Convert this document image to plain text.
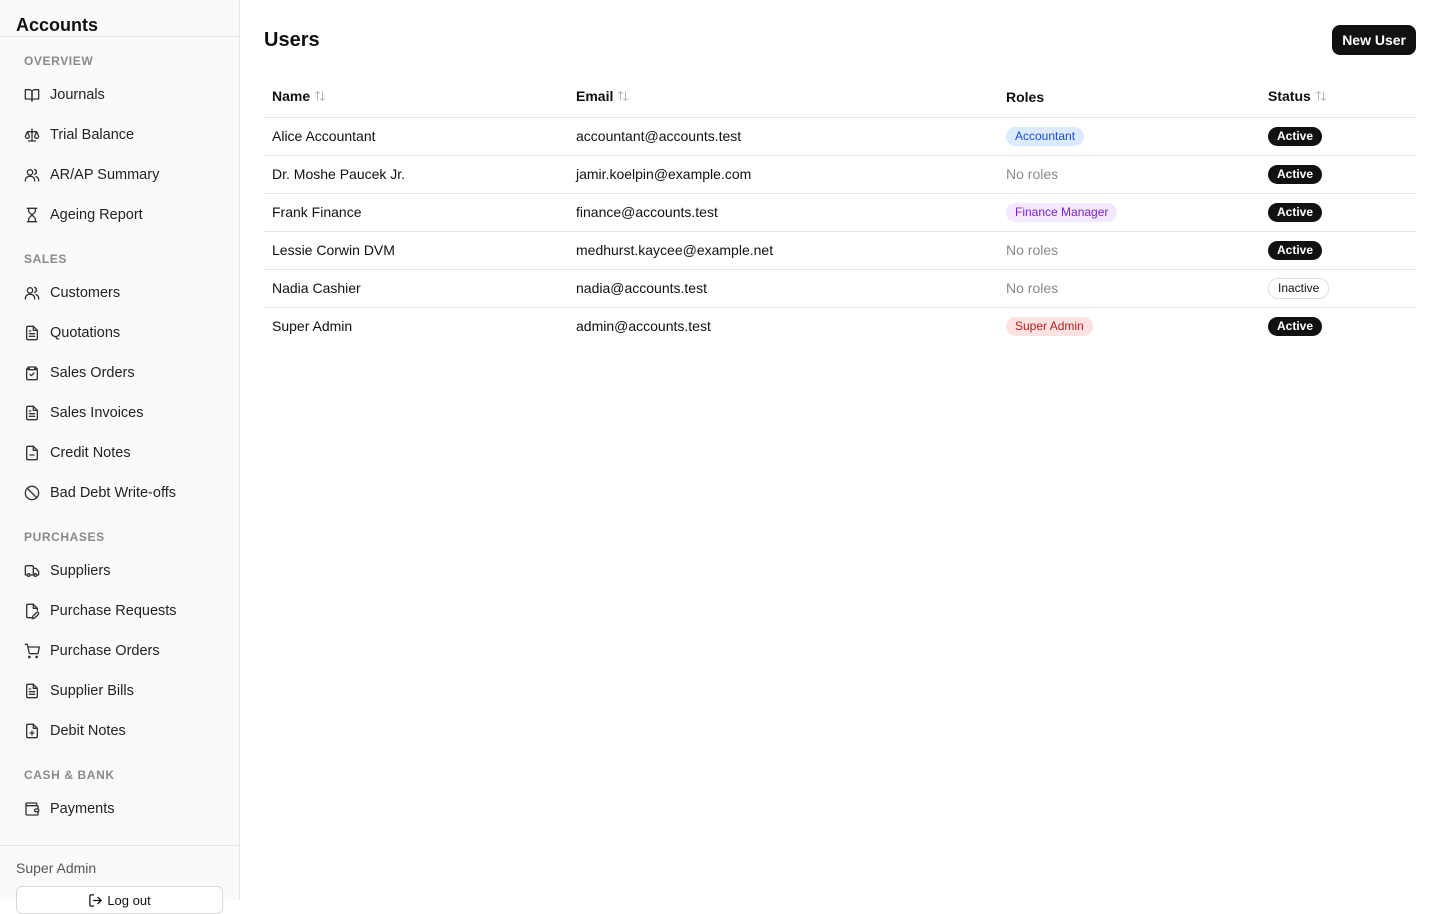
Accounts
OVERVIEW
Journals
Trial Balance
AR/AP Summary
Ageing Report
SALES
Customers
Quotations
Sales Orders
Sales Invoices
Credit Notes
Bad Debt Write-offs
PURCHASES
Suppliers
Purchase Requests
Purchase Orders
Supplier Bills
Debit Notes
CASH & BANK
Payments
Super Admin
Log out
Users	New User
Name	Email	Roles	Status
Alice Accountant	accountant@accounts.test	Accountant	Active
Dr. Moshe Paucek Jr.	jamir.koelpin@example.com	No roles	Active
Frank Finance	finance@accounts.test	Finance Manager	Active
Lessie Corwin DVM	medhurst.kaycee@example.net	No roles	Active
Nadia Cashier	nadia@accounts.test	No roles	Inactive
Super Admin	admin@accounts.test	Super Admin	Active
